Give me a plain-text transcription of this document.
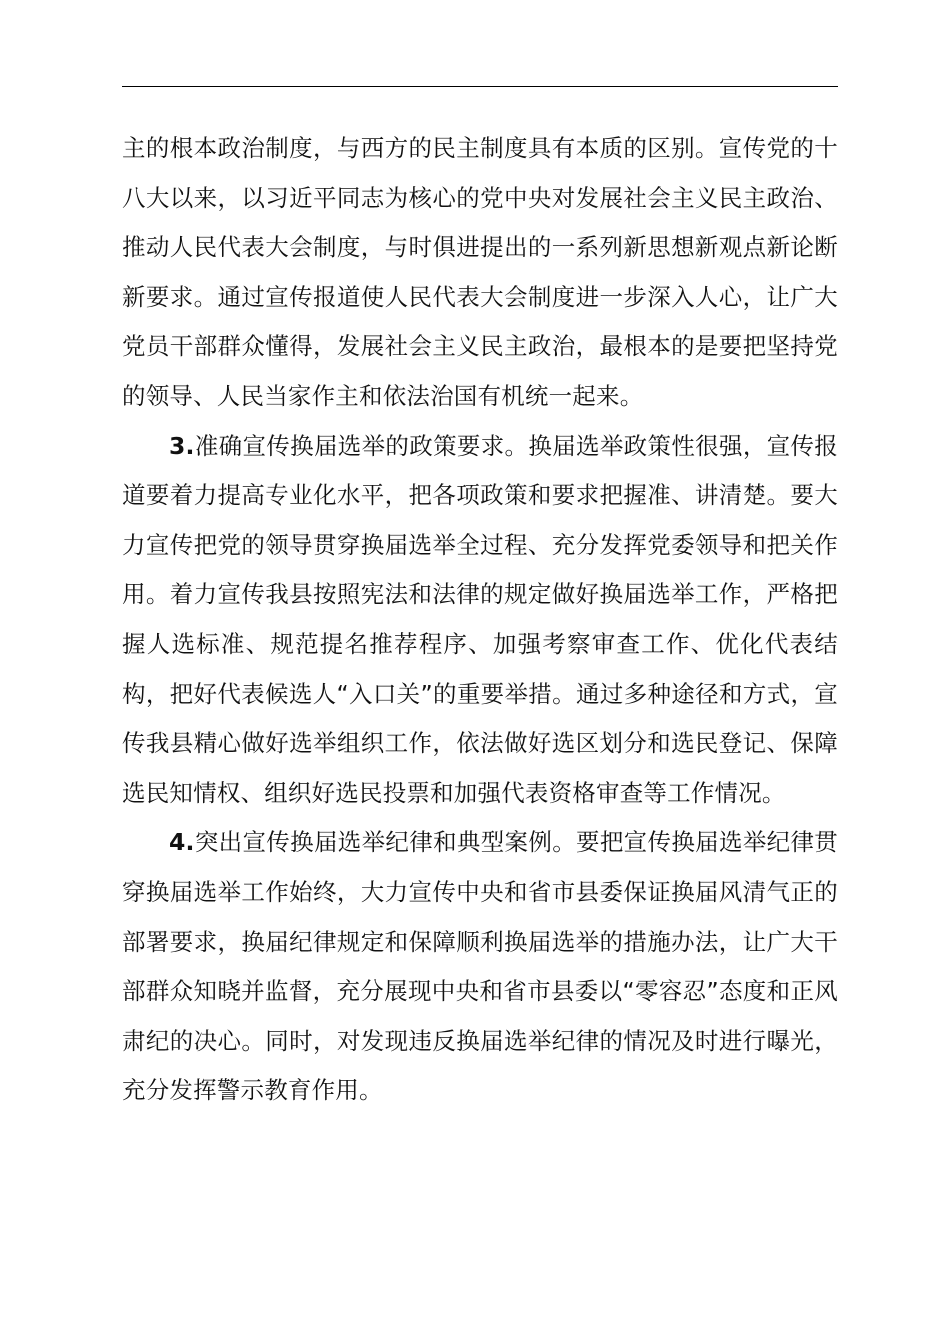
主的根本政治制度，与西方的民主制度具有本质的区别。宣传党的十八大以来，以习近平同志为核心的党中央对发展社会主义民主政治、推动人民代表大会制度，与时俱进提出的一系列新思想新观点新论断新要求。通过宣传报道使人民代表大会制度进一步深入人心，让广大党员干部群众懂得，发展社会主义民主政治，最根本的是要把坚持党的领导、人民当家作主和依法治国有机统一起来。

3.准确宣传换届选举的政策要求。换届选举政策性很强，宣传报道要着力提高专业化水平，把各项政策和要求把握准、讲清楚。要大力宣传把党的领导贯穿换届选举全过程、充分发挥党委领导和把关作用。着力宣传我县按照宪法和法律的规定做好换届选举工作，严格把握人选标准、规范提名推荐程序、加强考察审查工作、优化代表结构，把好代表候选人“入口关”的重要举措。通过多种途径和方式，宣传我县精心做好选举组织工作，依法做好选区划分和选民登记、保障选民知情权、组织好选民投票和加强代表资格审查等工作情况。

4.突出宣传换届选举纪律和典型案例。要把宣传换届选举纪律贯穿换届选举工作始终，大力宣传中央和省市县委保证换届风清气正的部署要求，换届纪律规定和保障顺利换届选举的措施办法，让广大干部群众知晓并监督，充分展现中央和省市县委以“零容忍”态度和正风肃纪的决心。同时，对发现违反换届选举纪律的情况及时进行曝光，充分发挥警示教育作用。
